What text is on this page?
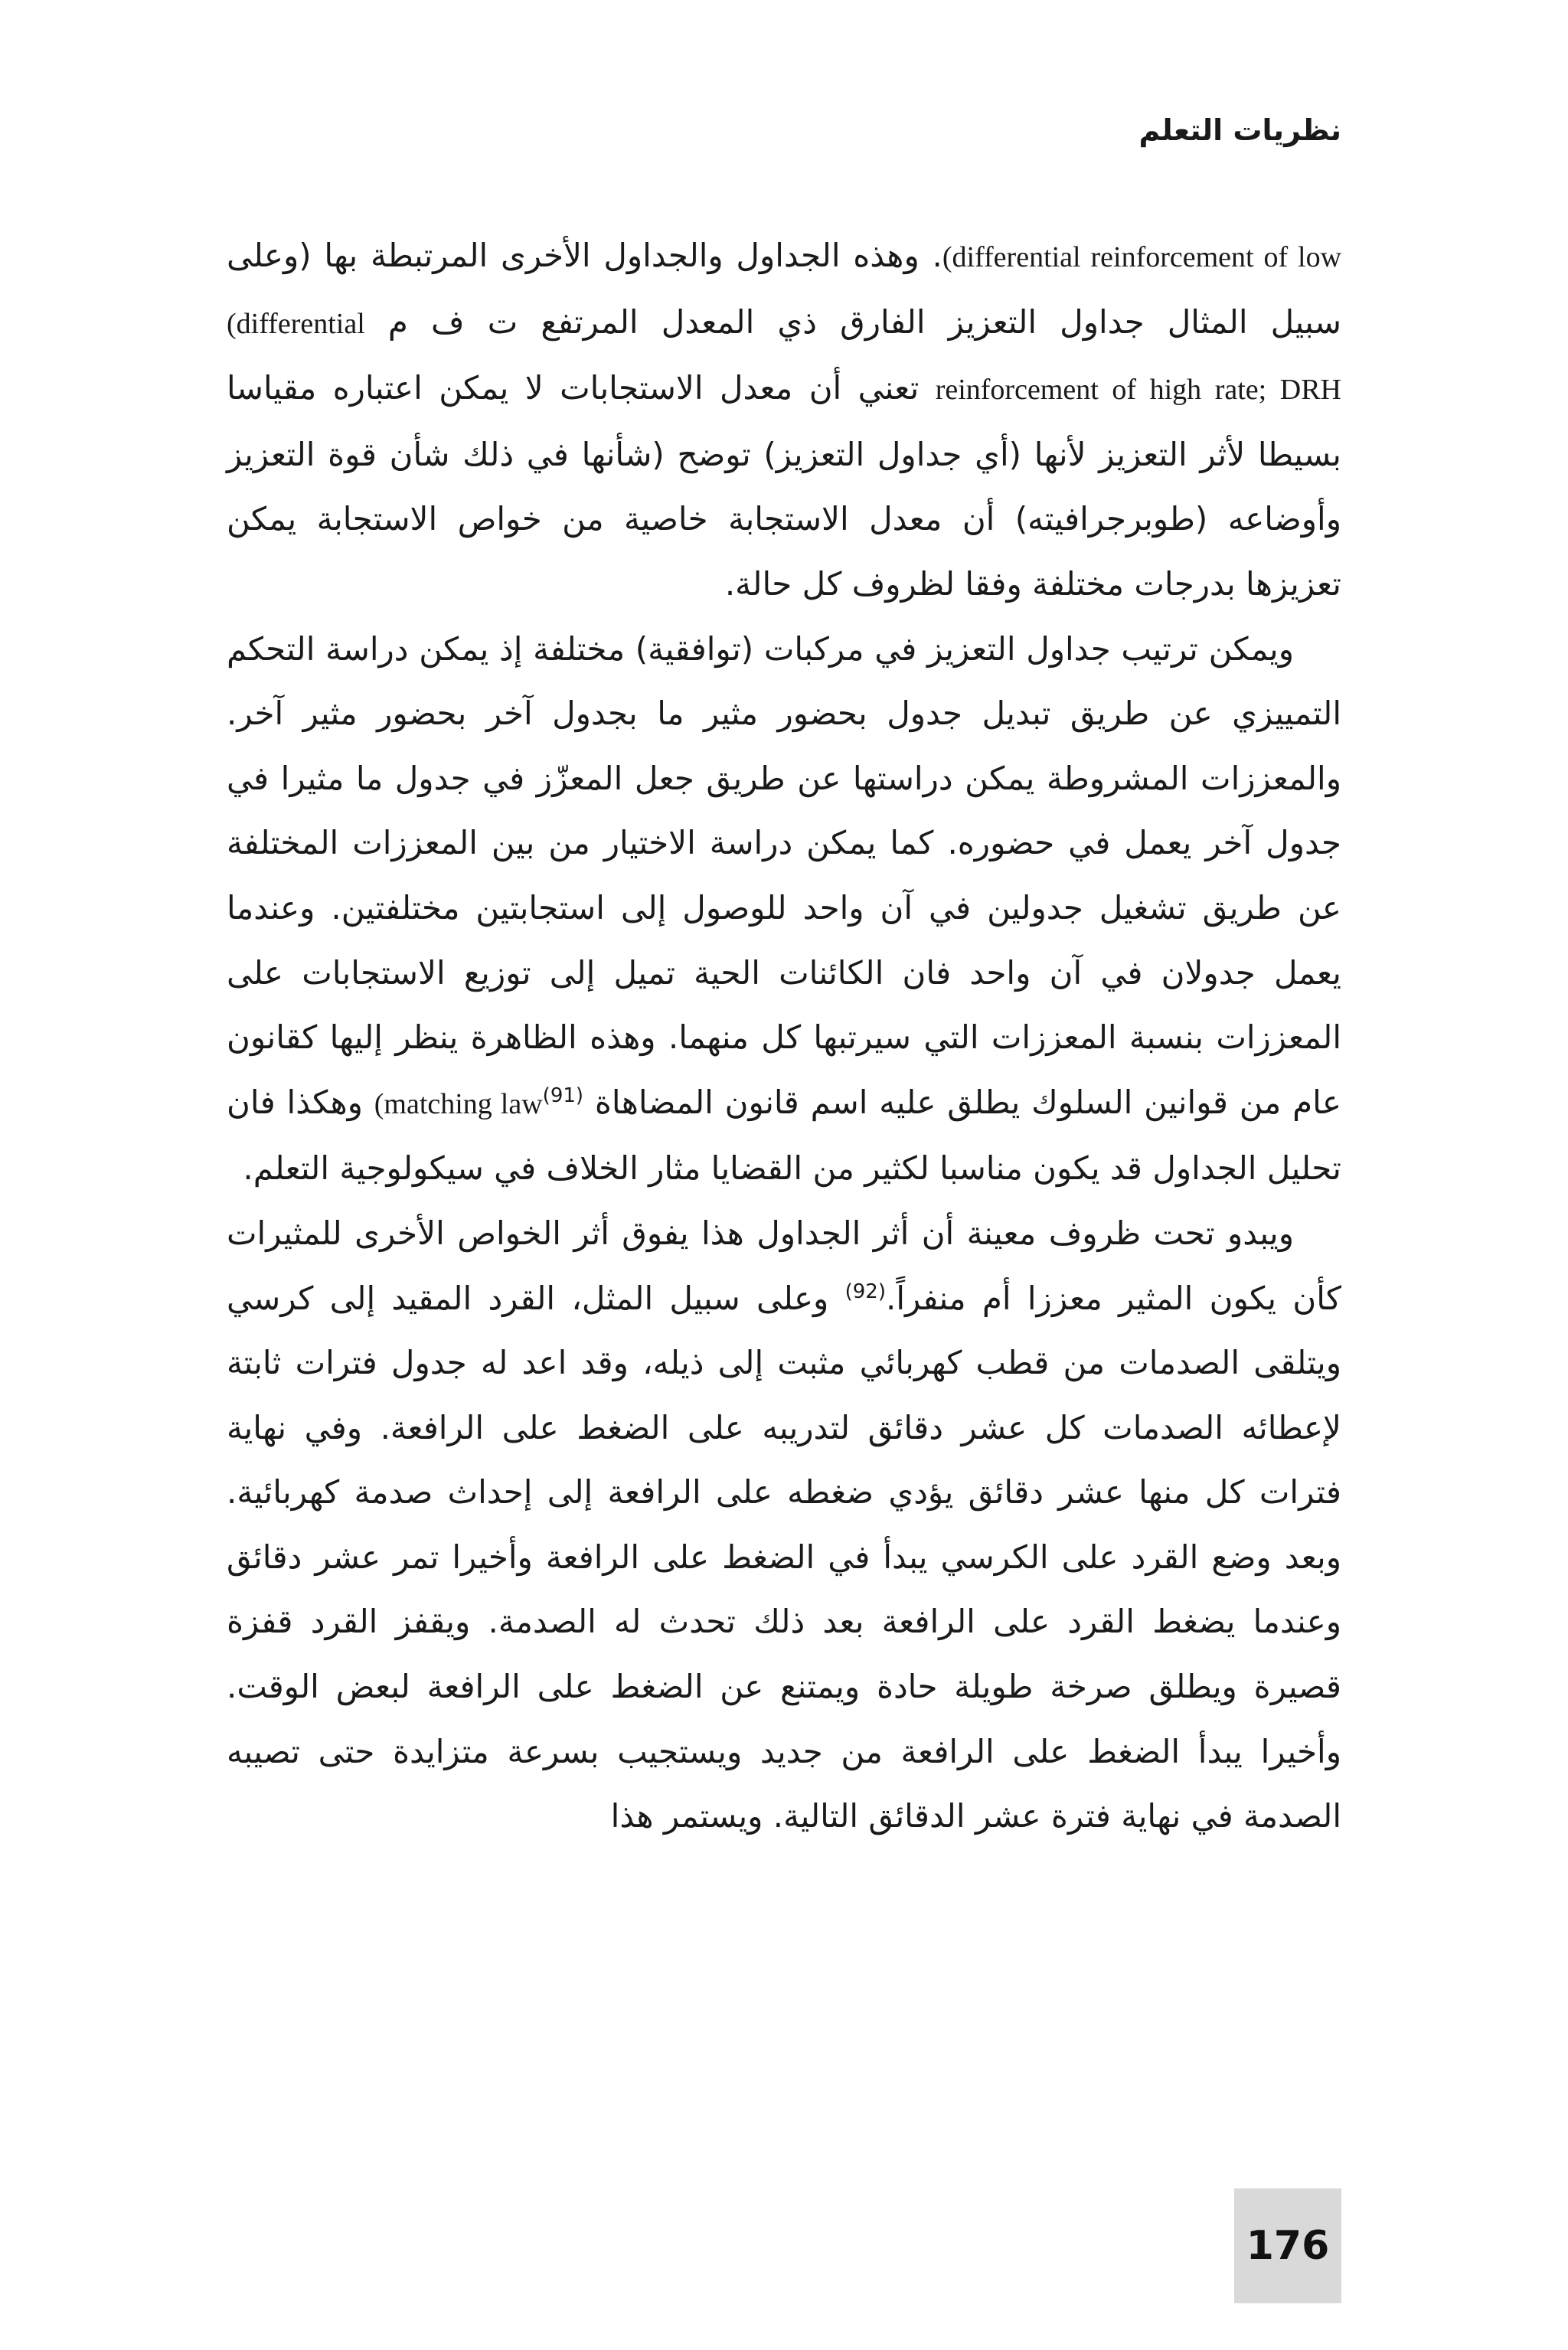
نظريات التعلم

(differential reinforcement of low. وهذه الجداول والجداول الأخرى المرتبطة بها (وعلى سبيل المثال جداول التعزيز الفارق ذي المعدل المرتفع ت ف م (differential reinforcement of high rate; DRH تعني أن معدل الاستجابات لا يمكن اعتباره مقياسا بسيطا لأثر التعزيز لأنها (أي جداول التعزيز) توضح (شأنها في ذلك شأن قوة التعزيز وأوضاعه (طوبرجرافيته) أن معدل الاستجابة خاصية من خواص الاستجابة يمكن تعزيزها بدرجات مختلفة وفقا لظروف كل حالة.

ويمكن ترتيب جداول التعزيز في مركبات (توافقية) مختلفة إذ يمكن دراسة التحكم التمييزي عن طريق تبديل جدول بحضور مثير ما بجدول آخر بحضور مثير آخر. والمعززات المشروطة يمكن دراستها عن طريق جعل المعزّز في جدول ما مثيرا في جدول آخر يعمل في حضوره. كما يمكن دراسة الاختيار من بين المعززات المختلفة عن طريق تشغيل جدولين في آن واحد للوصول إلى استجابتين مختلفتين. وعندما يعمل جدولان في آن واحد فان الكائنات الحية تميل إلى توزيع الاستجابات على المعززات بنسبة المعززات التي سيرتبها كل منهما. وهذه الظاهرة ينظر إليها كقانون عام من قوانين السلوك يطلق عليه اسم قانون المضاهاة (matching law$^{(91)}$ وهكذا فان تحليل الجداول قد يكون مناسبا لكثير من القضايا مثار الخلاف في سيكولوجية التعلم.

ويبدو تحت ظروف معينة أن أثر الجداول هذا يفوق أثر الخواص الأخرى للمثيرات كأن يكون المثير معززا أم منفراً.$^{(92)}$ وعلى سبيل المثل، القرد المقيد إلى كرسي ويتلقى الصدمات من قطب كهربائي مثبت إلى ذيله، وقد اعد له جدول فترات ثابتة لإعطائه الصدمات كل عشر دقائق لتدريبه على الضغط على الرافعة. وفي نهاية فترات كل منها عشر دقائق يؤدي ضغطه على الرافعة إلى إحداث صدمة كهربائية. وبعد وضع القرد على الكرسي يبدأ في الضغط على الرافعة وأخيرا تمر عشر دقائق وعندما يضغط القرد على الرافعة بعد ذلك تحدث له الصدمة. ويقفز القرد قفزة قصيرة ويطلق صرخة طويلة حادة ويمتنع عن الضغط على الرافعة لبعض الوقت. وأخيرا يبدأ الضغط على الرافعة من جديد ويستجيب بسرعة متزايدة حتى تصيبه الصدمة في نهاية فترة عشر الدقائق التالية. ويستمر هذا

176
